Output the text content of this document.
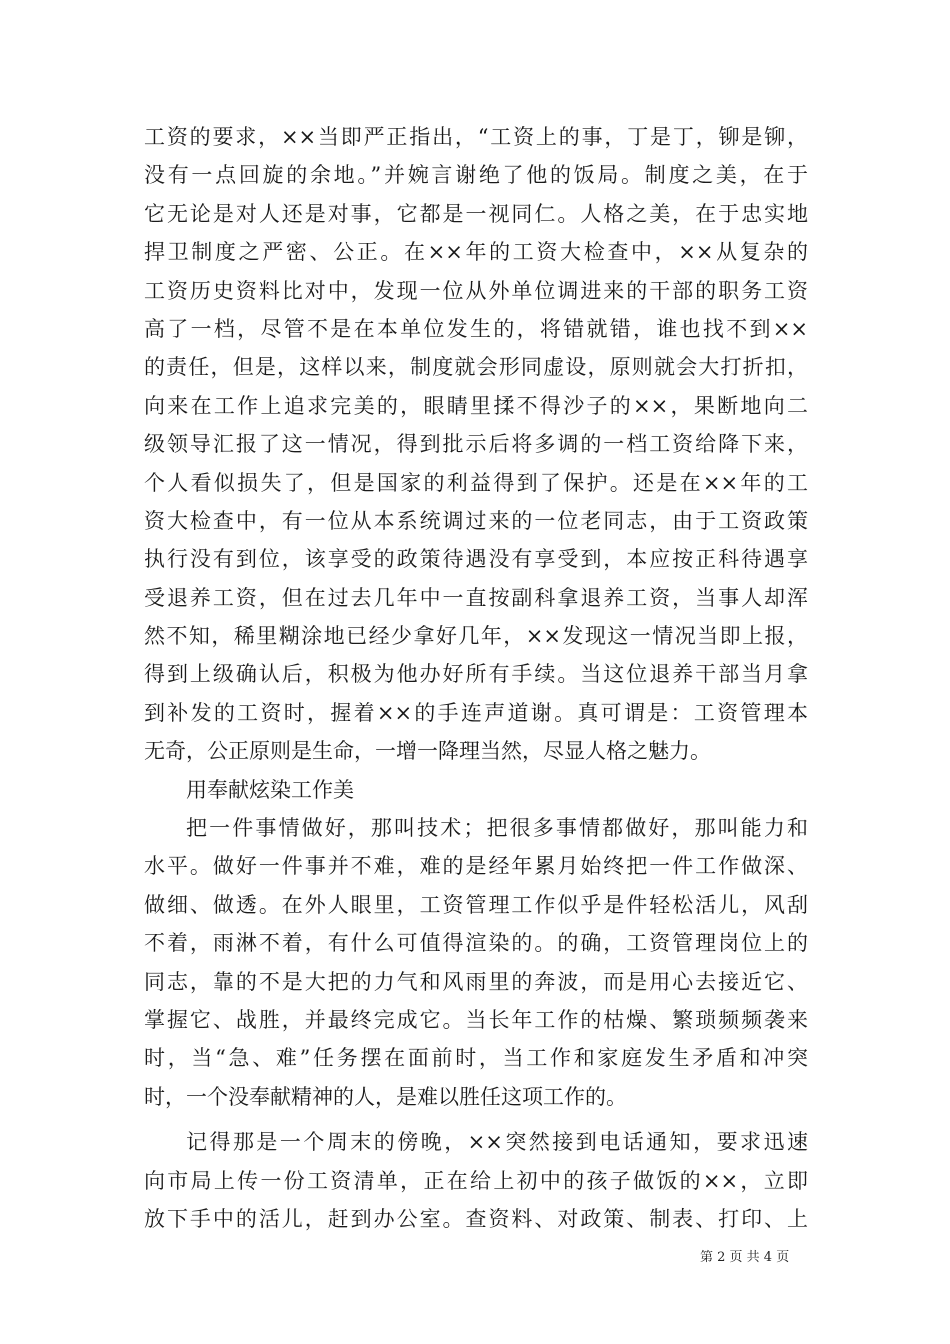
工资的要求，××当即严正指出，“工资上的事，丁是丁，铆是铆，
没有一点回旋的余地。”并婉言谢绝了他的饭局。制度之美，在于
它无论是对人还是对事，它都是一视同仁。人格之美，在于忠实地
捍卫制度之严密、公正。在××年的工资大检查中，××从复杂的
工资历史资料比对中，发现一位从外单位调进来的干部的职务工资
高了一档，尽管不是在本单位发生的，将错就错，谁也找不到××
的责任，但是，这样以来，制度就会形同虚设，原则就会大打折扣，
向来在工作上追求完美的，眼睛里揉不得沙子的××，果断地向二
级领导汇报了这一情况，得到批示后将多调的一档工资给降下来，
个人看似损失了，但是国家的利益得到了保护。还是在××年的工
资大检查中，有一位从本系统调过来的一位老同志，由于工资政策
执行没有到位，该享受的政策待遇没有享受到，本应按正科待遇享
受退养工资，但在过去几年中一直按副科拿退养工资，当事人却浑
然不知，稀里糊涂地已经少拿好几年，××发现这一情况当即上报，
得到上级确认后，积极为他办好所有手续。当这位退养干部当月拿
到补发的工资时，握着××的手连声道谢。真可谓是：工资管理本
无奇，公正原则是生命，一增一降理当然，尽显人格之魅力。
用奉献炫染工作美
把一件事情做好，那叫技术；把很多事情都做好，那叫能力和
水平。做好一件事并不难，难的是经年累月始终把一件工作做深、
做细、做透。在外人眼里，工资管理工作似乎是件轻松活儿，风刮
不着，雨淋不着，有什么可值得渲染的。的确，工资管理岗位上的
同志，靠的不是大把的力气和风雨里的奔波，而是用心去接近它、
掌握它、战胜，并最终完成它。当长年工作的枯燥、繁琐频频袭来
时，当“急、难”任务摆在面前时，当工作和家庭发生矛盾和冲突
时，一个没奉献精神的人，是难以胜任这项工作的。
记得那是一个周末的傍晚，××突然接到电话通知，要求迅速
向市局上传一份工资清单，正在给上初中的孩子做饭的××，立即
放下手中的活儿，赶到办公室。查资料、对政策、制表、打印、上
第 2 页 共 4 页
